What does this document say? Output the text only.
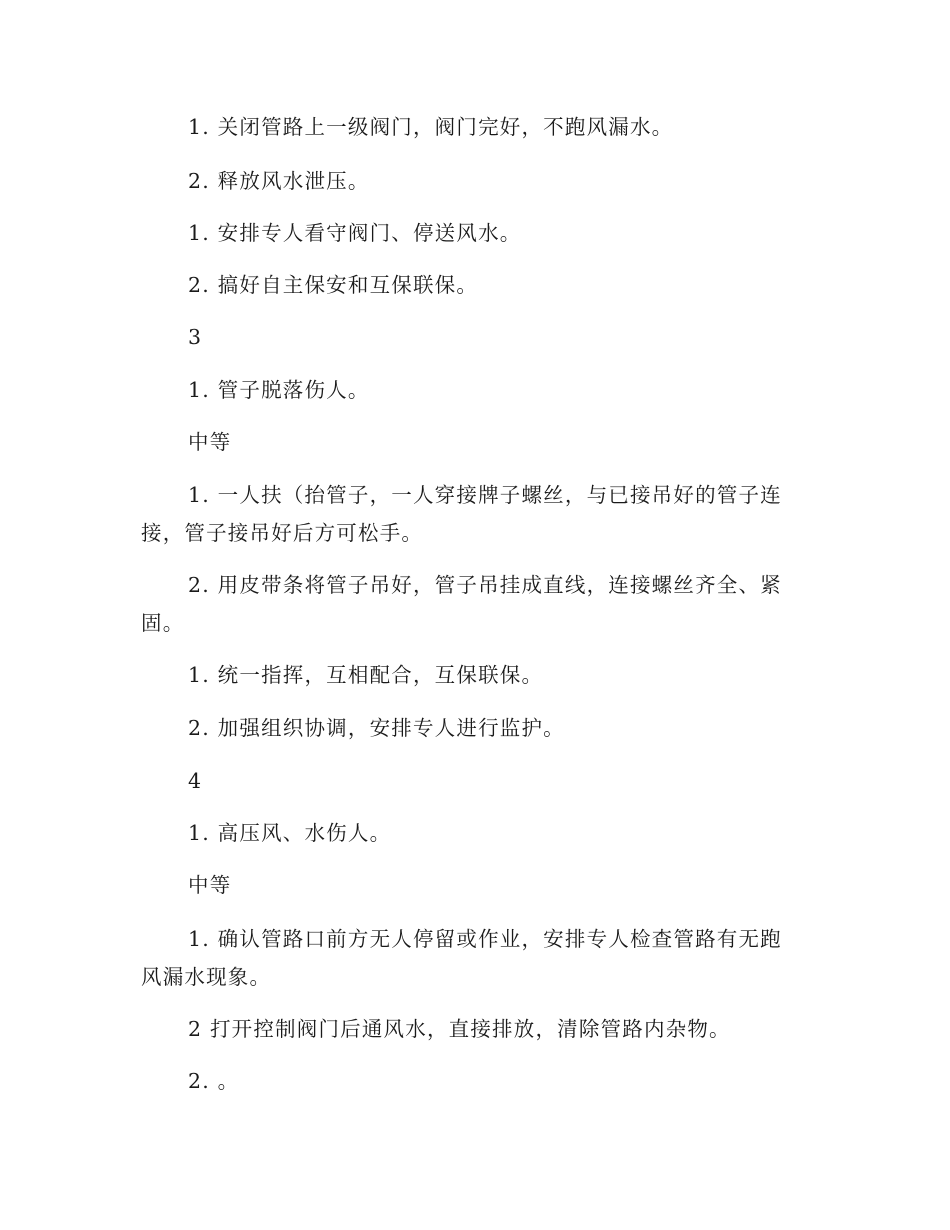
1. 关闭管路上一级阀门，阀门完好，不跑风漏水。

2. 释放风水泄压。

1. 安排专人看守阀门、停送风水。

2. 搞好自主保安和互保联保。

3

1. 管子脱落伤人。

中等

1. 一人扶（抬管子，一人穿接牌子螺丝，与已接吊好的管子连接，管子接吊好后方可松手。

2. 用皮带条将管子吊好，管子吊挂成直线，连接螺丝齐全、紧固。

1. 统一指挥，互相配合，互保联保。

2. 加强组织协调，安排专人进行监护。

4

1. 高压风、水伤人。

中等

1. 确认管路口前方无人停留或作业，安排专人检查管路有无跑风漏水现象。

2 打开控制阀门后通风水，直接排放，清除管路内杂物。

2. 。
